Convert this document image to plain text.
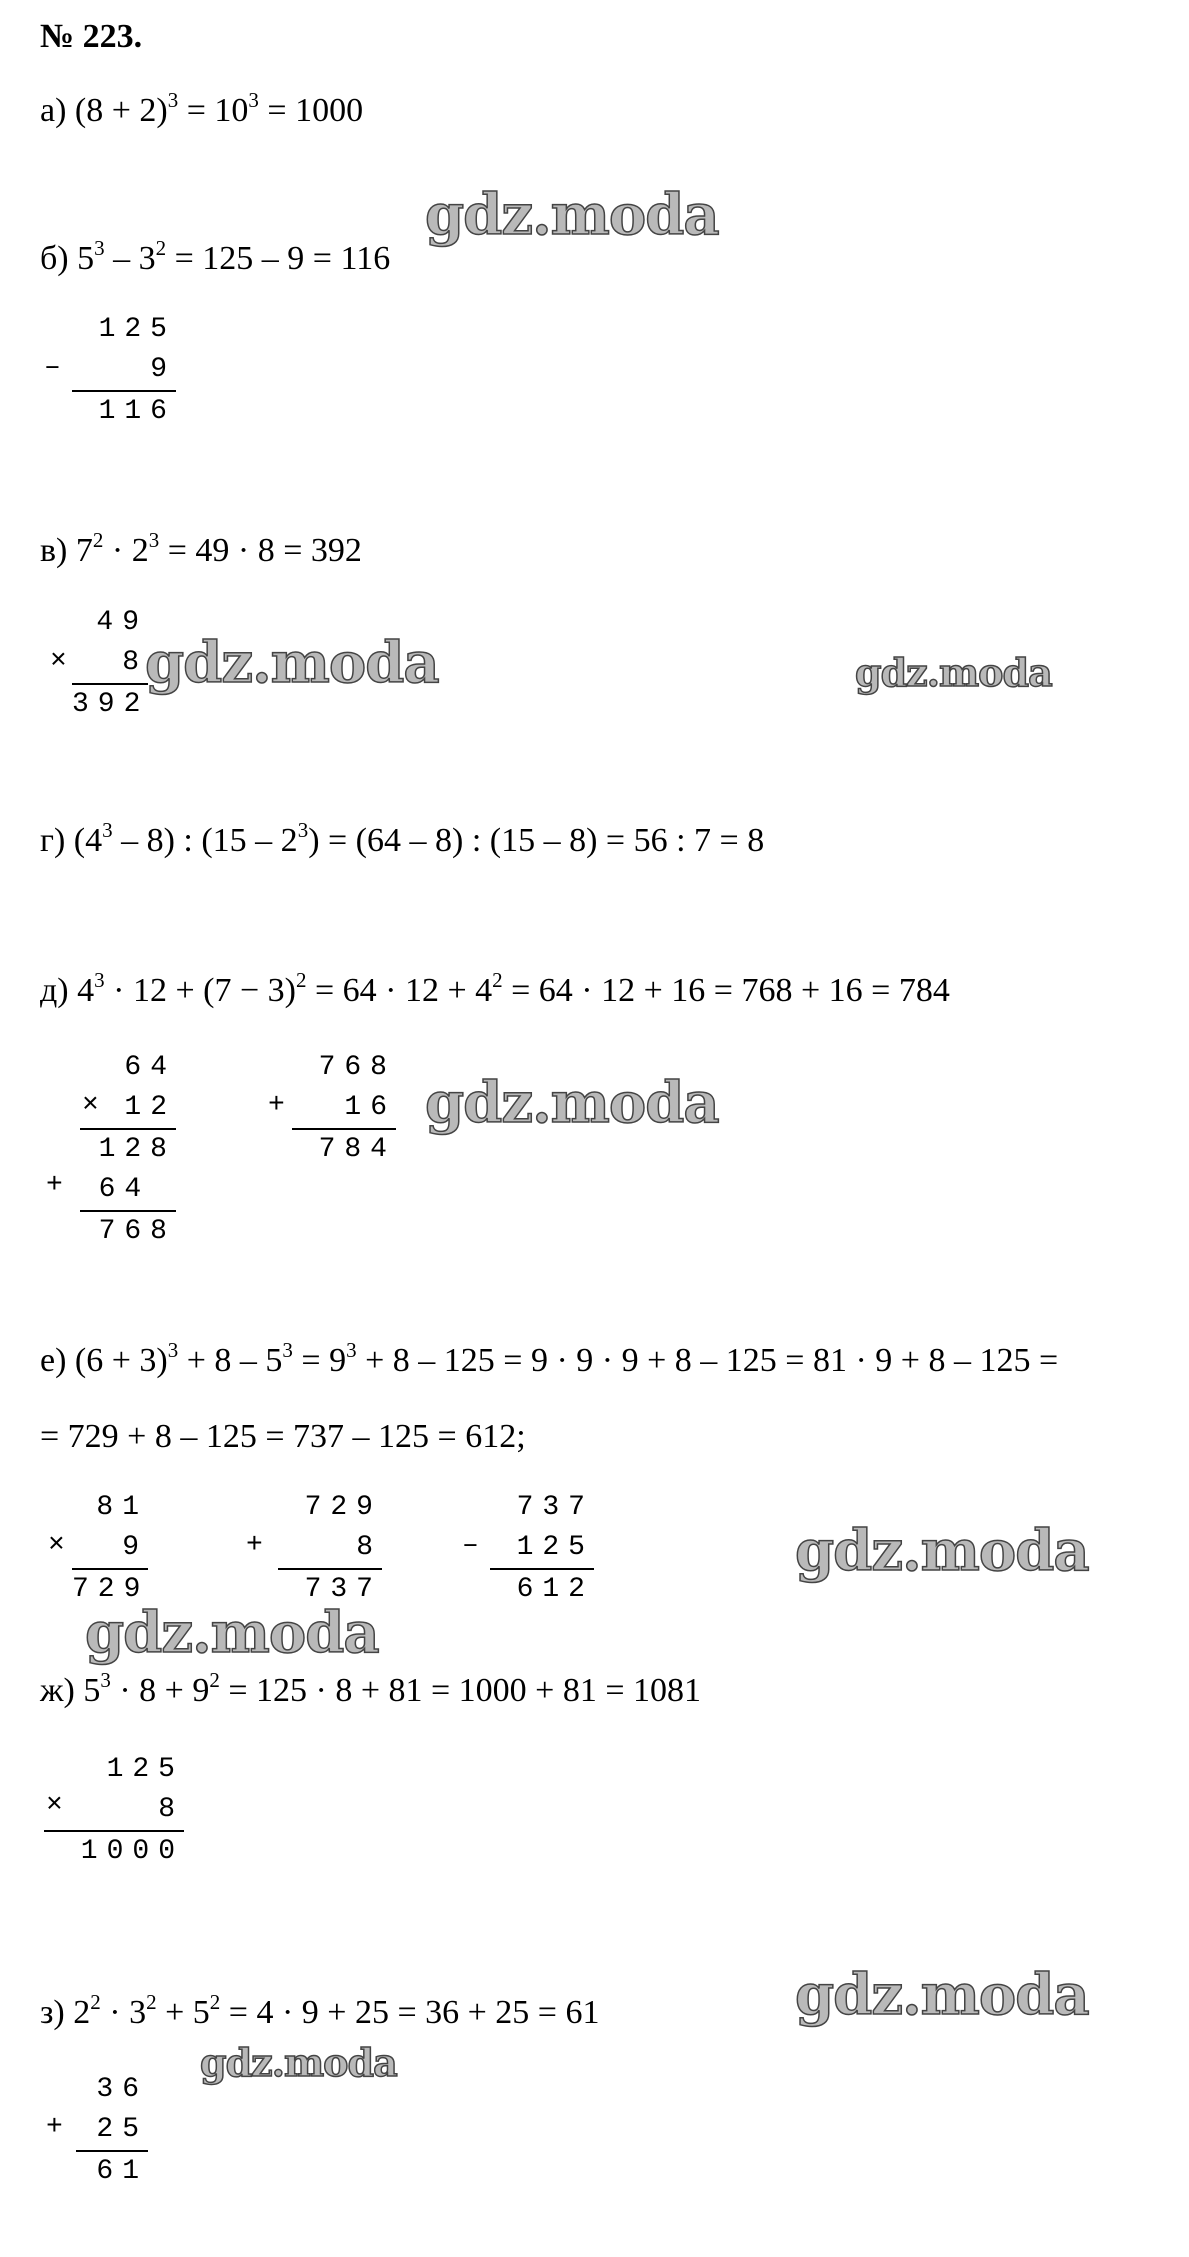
№ 223.
а) $(8 + 2)^3 = 10^3 = 1000$
б) $5^3 - 3^2 = 125 - 9 = 116$
125
9
116
–
в) $7^2 \cdot 2^3 = 49 \cdot 8 = 392$
49
8
392
×
г) $(4^3 - 8)$ : $(15 - 2^3) = (64 - 8)$ : (15 – 8) = 56 : 7 = 8
д) $4^3 \cdot 12 + (7 - 3)^2 = 64 \cdot 12 + 4^2 = 64 \cdot 12 + 16 = 768 + 16 = 784$
64
12
128
64
768
×
+
768
16
784
+
е) $(6 + 3)^3 + 8 - 5^3 = 9^3 + 8 - 125 = 9 \cdot 9 \cdot 9 + 8 - 125 = 81 \cdot 9 + 8 - 125$ =
= 729 + 8 – 125 = 737 – 125 = 612;
81
9
729
×
729
8
737
+
737
125
612
–
ж) $5^3 \cdot 8 + 9^2 = 125 \cdot 8 + 81 = 1000 + 81 = 1081$
125
8
1000
×
з) $2^2 \cdot 3^2 + 5^2 = 4 \cdot 9 + 25 = 36 + 25 = 61$
36
25
61
+
gdz.moda
gdz.moda	gdz.moda
gdz.moda
gdz.moda
gdz.moda
gdz.moda
gdz.moda
